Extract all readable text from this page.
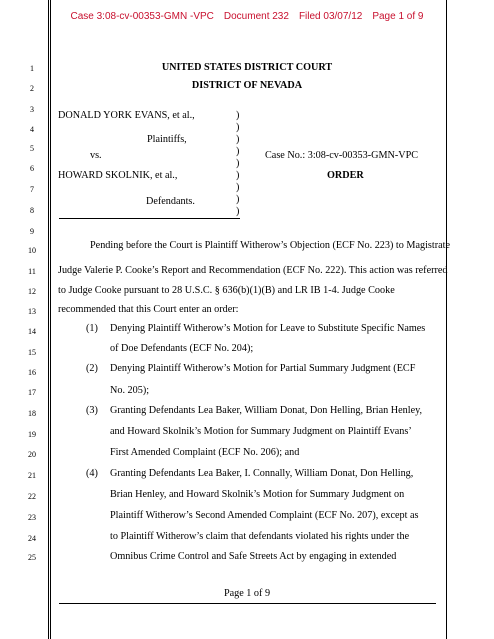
Case 3:08-cv-00353-GMN -VPC Document 232 Filed 03/07/12 Page 1 of 9
1
2
3
4
5
6
7
8
9
10
11
12
13
14
15
16
17
18
19
20
21
22
23
24
25
UNITED STATES DISTRICT COURT
DISTRICT OF NEVADA
DONALD YORK EVANS, et al.,
Plaintiffs,
vs.
HOWARD SKOLNIK, et al.,
Defendants.
)
)
)
)
)
)
)
)
)
Case No.: 3:08-cv-00353-GMN-VPC
ORDER
Pending before the Court is Plaintiff Witherow’s Objection (ECF No. 223) to Magistrate
Judge Valerie P. Cooke’s Report and Recommendation (ECF No. 222). This action was referred
to Judge Cooke pursuant to 28 U.S.C. § 636(b)(1)(B) and LR IB 1-4. Judge Cooke
recommended that this Court enter an order:
(1) Denying Plaintiff Witherow’s Motion for Leave to Substitute Specific Names
of Doe Defendants (ECF No. 204);
(2) Denying Plaintiff Witherow’s Motion for Partial Summary Judgment (ECF
No. 205);
(3) Granting Defendants Lea Baker, William Donat, Don Helling, Brian Henley,
and Howard Skolnik’s Motion for Summary Judgment on Plaintiff Evans’
First Amended Complaint (ECF No. 206); and
(4) Granting Defendants Lea Baker, I. Connally, William Donat, Don Helling,
Brian Henley, and Howard Skolnik’s Motion for Summary Judgment on
Plaintiff Witherow’s Second Amended Complaint (ECF No. 207), except as
to Plaintiff Witherow’s claim that defendants violated his rights under the
Omnibus Crime Control and Safe Streets Act by engaging in extended
Page 1 of 9
